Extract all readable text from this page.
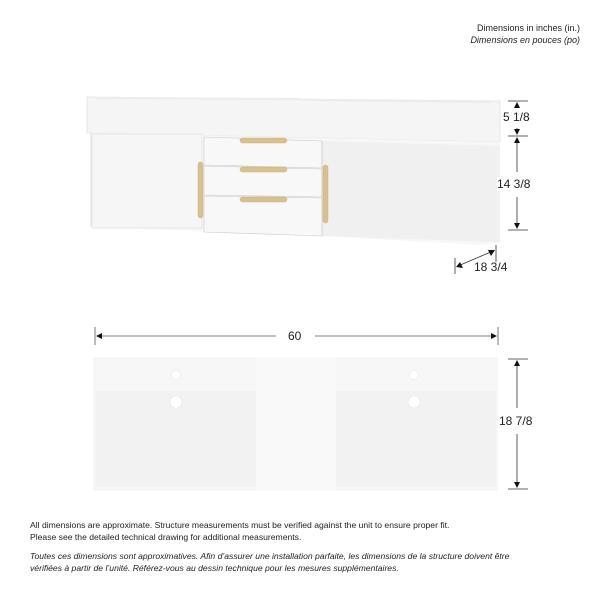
Dimensions in inches (in.)
Dimensions en pouces (po)
5 1/8
14 3/8
18 3/4
60
18 7/8

All dimensions are approximate. Structure measurements must be verified against the unit to ensure proper fit.
Please see the detailed technical drawing for additional measurements.

Toutes ces dimensions sont approximatives. Afin d’assurer une installation parfaite, les dimensions de la structure doivent être
vérifiées à partir de l’unité. Référez-vous au dessin technique pour les mesures supplémentaires.
